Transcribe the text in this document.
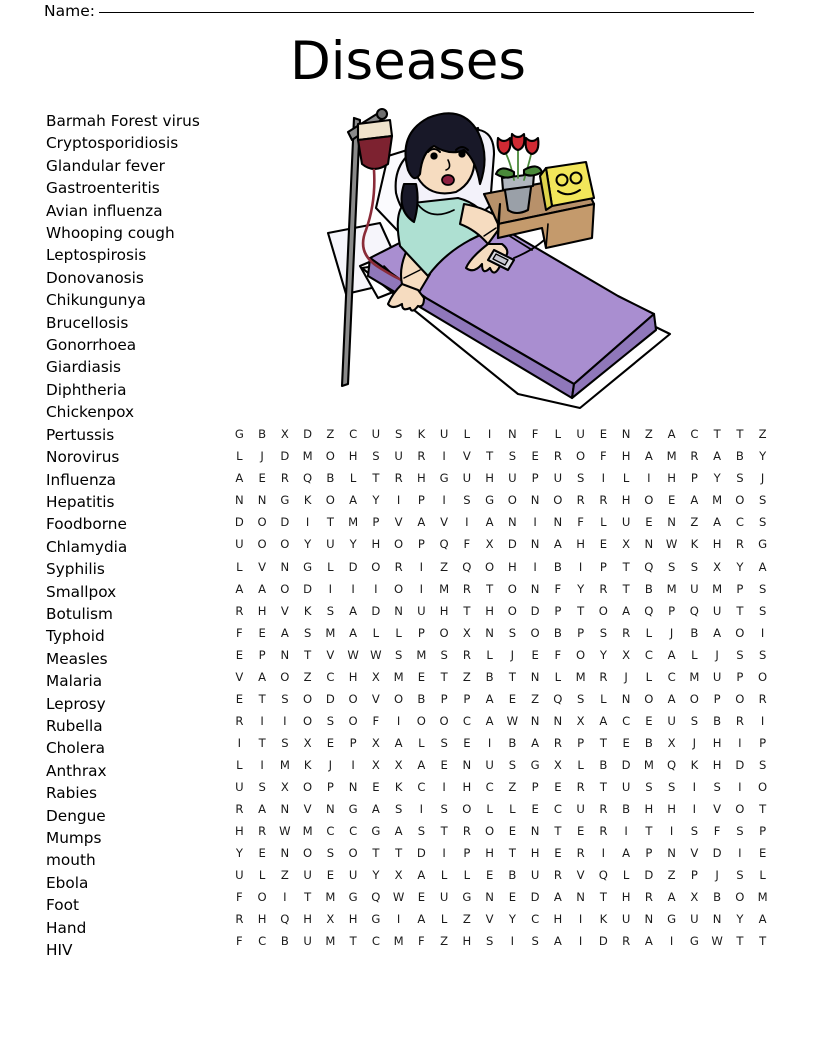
Name:
Diseases
Barmah Forest virus
Cryptosporidiosis
Glandular fever
Gastroenteritis
Avian influenza
Whooping cough
Leptospirosis
Donovanosis
Chikungunya
Brucellosis
Gonorrhoea
Giardiasis
Diphtheria
Chickenpox
Pertussis
Norovirus
Influenza
Hepatitis
Foodborne
Chlamydia
Syphilis
Smallpox
Botulism
Typhoid
Measles
Malaria
Leprosy
Rubella
Cholera
Anthrax
Rabies
Dengue
Mumps
mouth
Ebola
Foot
Hand
HIV
G	B	X	D	Z	C	U	S	K	U	L	I	N	F	L	U	E	N	Z	A	C	T	T	Z
L	J	D	M	O	H	S	U	R	I	V	T	S	E	R	O	F	H	A	M	R	A	B	Y
A	E	R	Q	B	L	T	R	H	G	U	H	U	P	U	S	I	L	I	H	P	Y	S	J
N	N	G	K	O	A	Y	I	P	I	S	G	O	N	O	R	R	H	O	E	A	M	O	S
D	O	D	I	T	M	P	V	A	V	I	A	N	I	N	F	L	U	E	N	Z	A	C	S
U	O	O	Y	U	Y	H	O	P	Q	F	X	D	N	A	H	E	X	N	W	K	H	R	G
L	V	N	G	L	D	O	R	I	Z	Q	O	H	I	B	I	P	T	Q	S	S	X	Y	A
A	A	O	D	I	I	I	O	I	M	R	T	O	N	F	Y	R	T	B	M	U	M	P	S
R	H	V	K	S	A	D	N	U	H	T	H	O	D	P	T	O	A	Q	P	Q	U	T	S
F	E	A	S	M	A	L	L	P	O	X	N	S	O	B	P	S	R	L	J	B	A	O	I
E	P	N	T	V	W W	S	M	S	R	L	J	E	F	O	Y	X	C	A	L	J	S	S
V	A	O	Z	C	H	X	M	E	T	Z	B	T	N	L	M	R	J	L	C	M	U	P	O
E	T	S	O	D	O	V	O	B	P	P	A	E	Z	Q	S	L	N	O	A	O	P	O	R
R	I	I	O	S	O	F	I	O	O	C	A	W	N	N	X	A	C	E	U	S	B	R	I
I	T	S	X	E	P	X	A	L	S	E	I	B	A	R	P	T	E	B	X	J	H	I	P
L	I	M	K	J	I	X	X	A	E	N	U	S	G	X	L	B	D	M	Q	K	H	D	S
U	S	X	O	P	N	E	K	C	I	H	C	Z	P	E	R	T	U	S	S	I	S	I	O
R	A	N	V	N	G	A	S	I	S	O	L	L	E	C	U	R	B	H	H	I	V	O	T
H	R	W	M	C	C	G	A	S	T	R	O	E	N	T	E	R	I	T	I	S	F	S	P
Y	E	N	O	S	O	T	T	D	I	P	H	T	H	E	R	I	A	P	N	V	D	I	E
U	L	Z	U	E	U	Y	X	A	L	L	E	B	U	R	V	Q	L	D	Z	P	J	S	L
F	O	I	T	M	G	Q	W	E	U	G	N	E	D	A	N	T	H	R	A	X	B	O	M
R	H	Q	H	X	H	G	I	A	L	Z	V	Y	C	H	I	K	U	N	G	U	N	Y	A
F	C	B	U	M	T	C	M	F	Z	H	S	I	S	A	I	D	R	A	I	G	W	T	T
